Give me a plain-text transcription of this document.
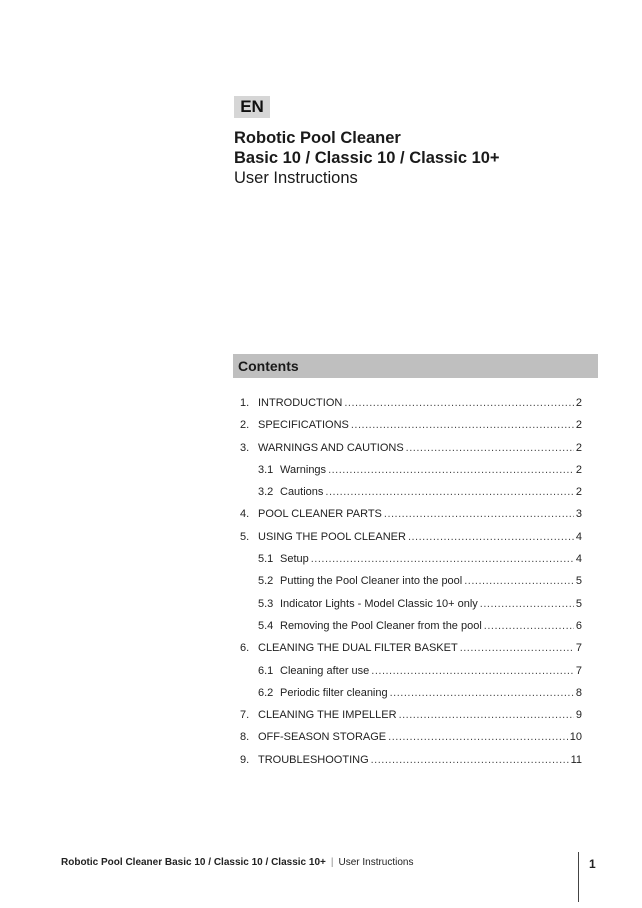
EN
Robotic Pool Cleaner
Basic 10 / Classic 10 / Classic 10+
User Instructions
Contents
1. INTRODUCTION .....	2
2. SPECIFICATIONS .....	2
3. WARNINGS AND CAUTIONS .....	2
3.1 Warnings .....	2
3.2 Cautions .....	2
4. POOL CLEANER PARTS .....	3
5. USING THE POOL CLEANER .....	4
5.1 Setup .....	4
5.2 Putting the Pool Cleaner into the pool .....	5
5.3 Indicator Lights - Model Classic 10+ only .....	5
5.4 Removing the Pool Cleaner from the pool .....	6
6. CLEANING THE DUAL FILTER BASKET .....	7
6.1 Cleaning after use .....	7
6.2 Periodic filter cleaning .....	8
7. CLEANING THE IMPELLER .....	9
8. OFF-SEASON STORAGE .....	10
9. TROUBLESHOOTING .....	11
Robotic Pool Cleaner Basic 10 / Classic 10 / Classic 10+ | User Instructions	1
